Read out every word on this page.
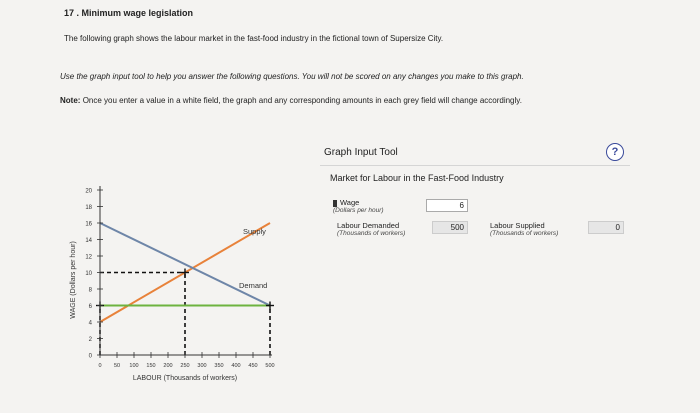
17 . Minimum wage legislation
The following graph shows the labour market in the fast-food industry in the fictional town of Supersize City.
Use the graph input tool to help you answer the following questions. You will not be scored on any changes you make to this graph.
Note: Once you enter a value in a white field, the graph and any corresponding amounts in each grey field will change accordingly.
0
2
4
6
8
10
12
14
16
18
20
0 50 100 150 200 250 300 350 400 450 500
WAGE (Dollars per hour)
LABOUR (Thousands of workers)
Supply
Demand
Graph Input Tool	?
Market for Labour in the Fast-Food Industry
Wage
(Dollars per hour)
6
Labour Demanded
(Thousands of workers)
500	Labour Supplied
(Thousands of workers)
0
